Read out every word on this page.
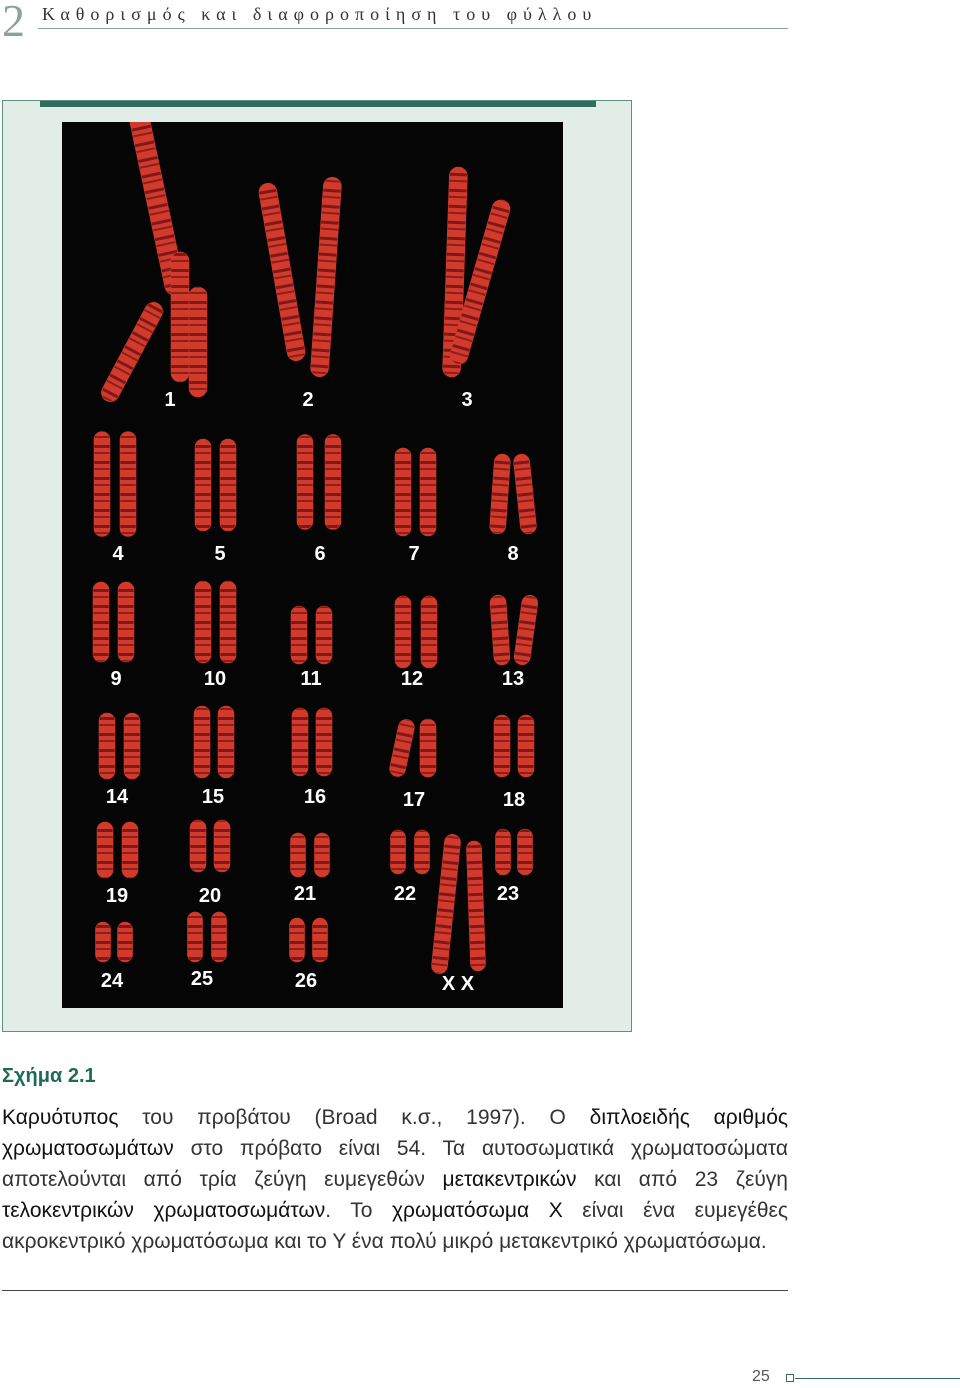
2 Καθορισμός και διαφοροποίηση του φύλλου
1	2	3
4	5	6	7	8
9	10	11	12	13
14	15	16	17	18
19	20	21	22	23
24	25	26	X X
Σχήμα 2.1
Καρυότυπος του προβάτου (Broad κ.σ., 1997). Ο διπλοειδής αριθμός χρωματοσωμάτων στο πρόβατο είναι 54. Τα αυτοσωματικά χρωματοσώματα αποτελούνται από τρία ζεύγη ευμεγεθών μετακεντρικών και από 23 ζεύγη τελοκεντρικών χρωματοσωμάτων. Το χρωματόσωμα Χ είναι ένα ευμεγέθες ακροκεντρικό χρωματόσωμα και το Υ ένα πολύ μικρό μετακεντρικό χρωματόσωμα.
25
